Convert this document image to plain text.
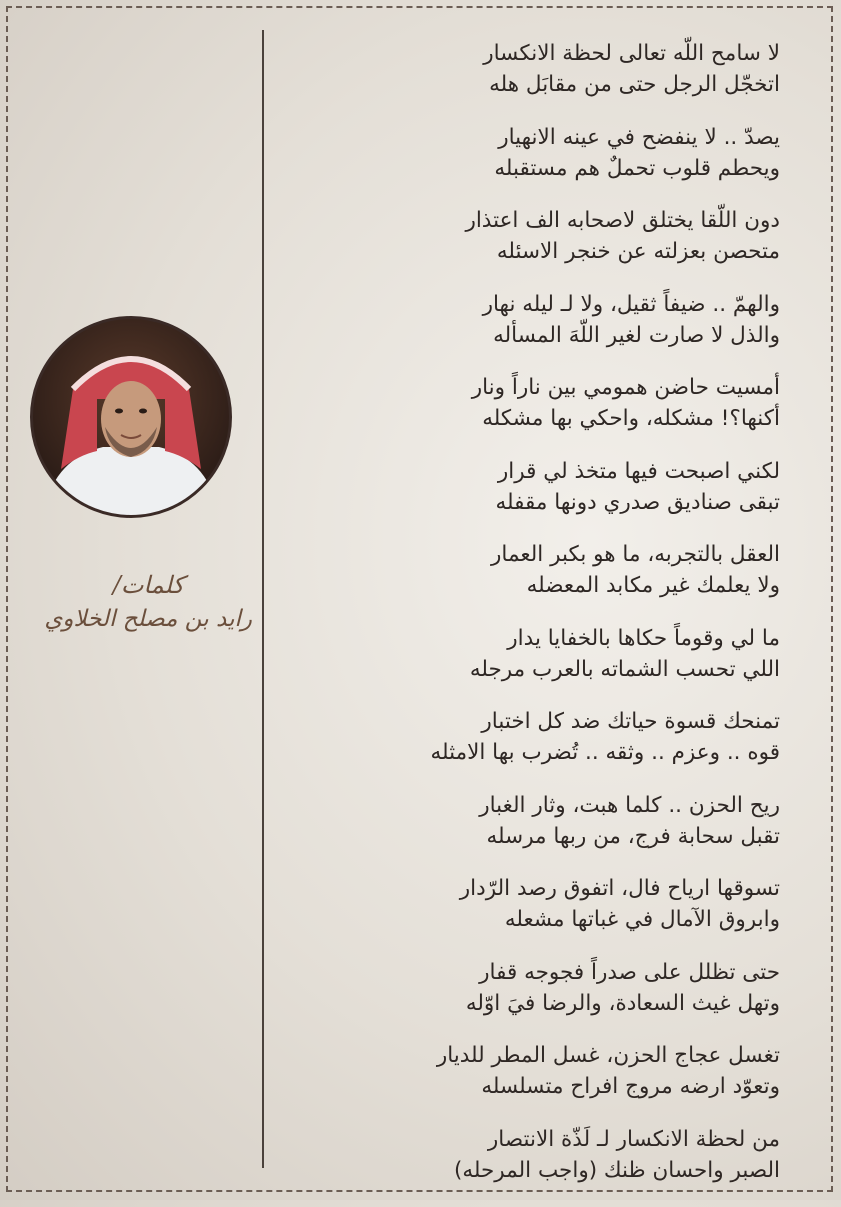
كلمات/
رايد بن مصلح الخلاوي
لا سامح اللّه تعالى لحظة الانكسار
اتخجّل الرجل حتى من مقابَل هله
يصدّ .. لا ينفضح في عينه الانهيار
ويحطم قلوب تحملٌ هم مستقبله
دون اللّقا يختلق لاصحابه الف اعتذار
متحصن بعزلته عن خنجر الاسئله
والهمّ .. ضيفاً ثقيل، ولا لـ ليله نهار
والذل لا صارت لغير اللّهَ المسأله
أمسيت حاضن همومي بين ناراً ونار
أكنها؟! مشكله، واحكي بها مشكله
لكني اصبحت فيها متخذ لي قرار
تبقى صناديق صدري دونها مقفله
العقل بالتجربه، ما هو بكبر العمار
ولا يعلمك غير مكابد المعضله
ما لي وقوماً حكاها بالخفايا يدار
اللي تحسب الشماته بالعرب مرجله
تمنحك قسوة حياتك ضد كل اختبار
قوه .. وعزم .. وثقه .. تُضرب بها الامثله
ريح الحزن .. كلما هبت، وثار الغبار
تقبل سحابة فرج، من ربها مرسله
تسوقها ارياح فال، اتفوق رصد الرّدار
وابروق الآمال في غباتها مشعله
حتى تظلل على صدراً فجوجه قفار
وتهل غيث السعادة، والرضا فيَ اوّله
تغسل عجاج الحزن، غسل المطر للديار
وتعوّد ارضه مروج افراح متسلسله
من لحظة الانكسار لـ لَذّة الانتصار
الصبر واحسان ظنك (واجب المرحله)
